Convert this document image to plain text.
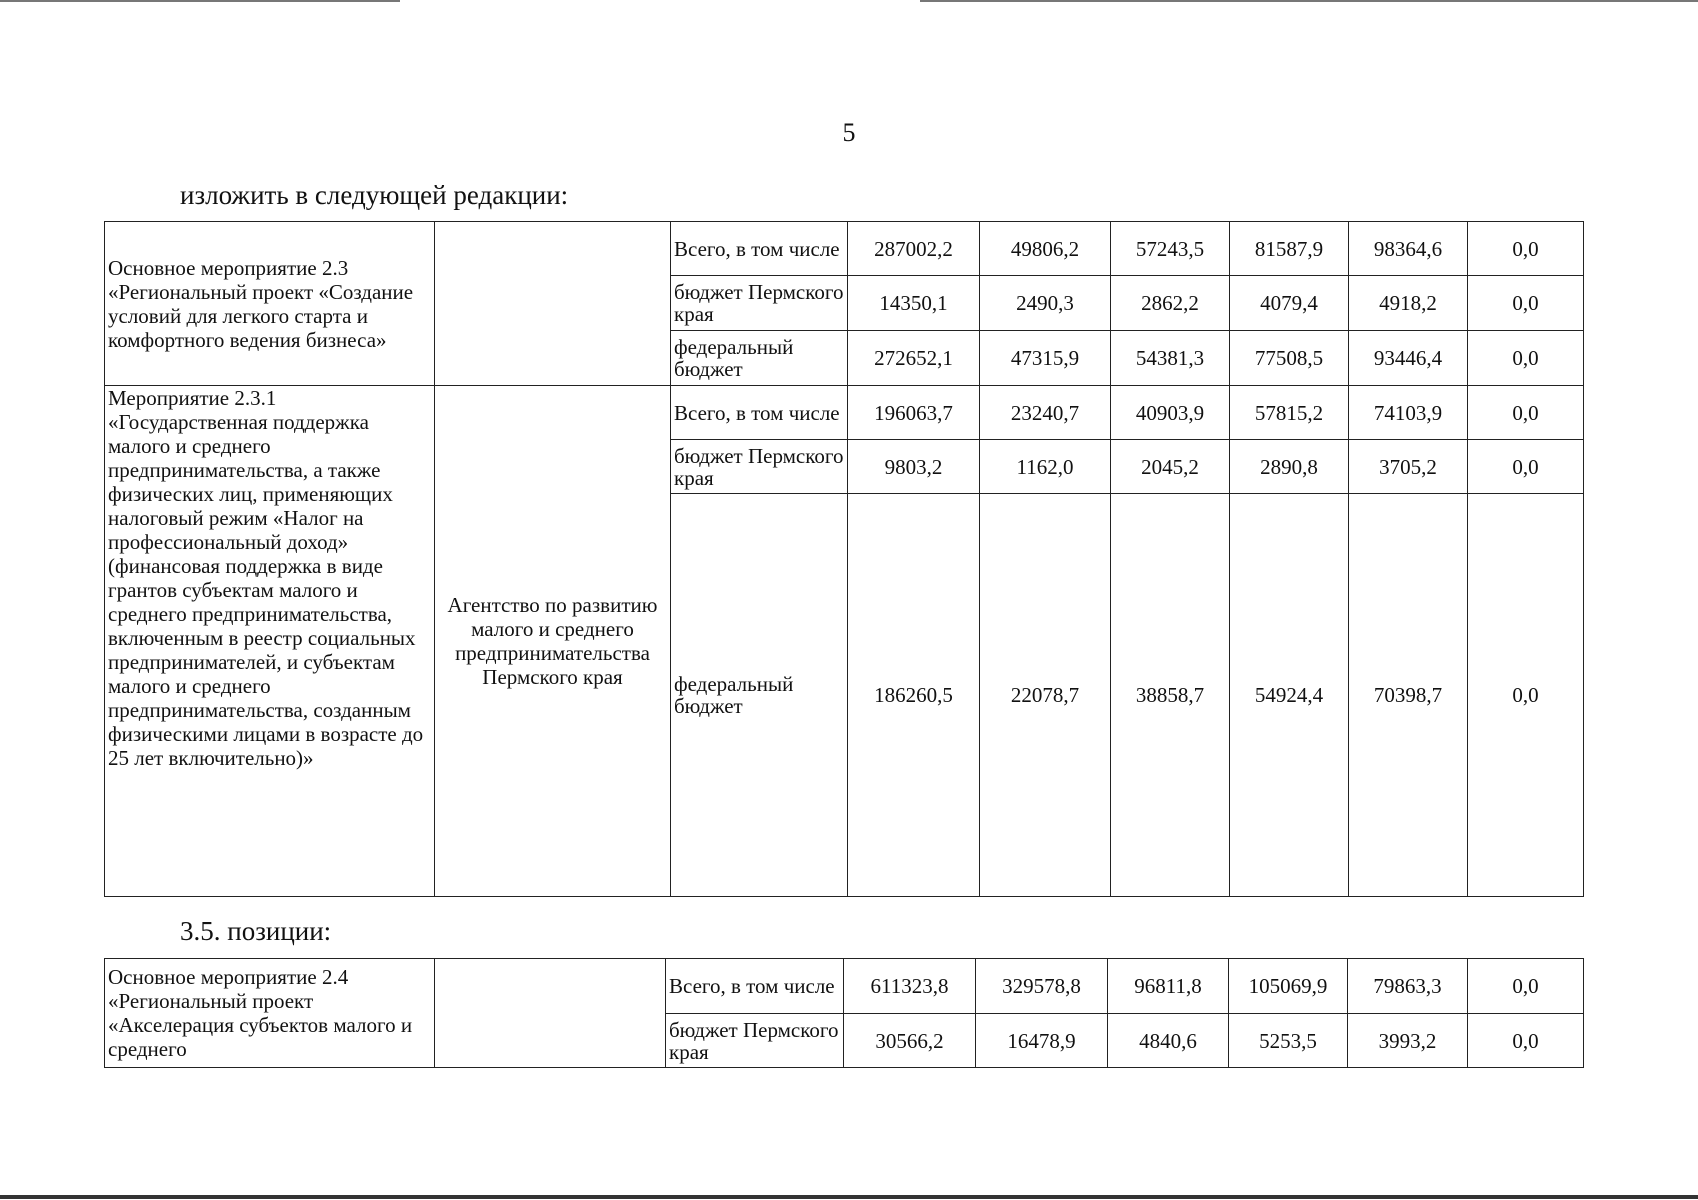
5
изложить в следующей редакции:
Основное мероприятие 2.3 «Региональный проект «Создание условий для легкого старта и комфортного ведения бизнеса»		Всего, в том числе	287002,2	49806,2	57243,5	81587,9	98364,6	0,0
		бюджет Пермского края	14350,1	2490,3	2862,2	4079,4	4918,2	0,0
		федеральный бюджет	272652,1	47315,9	54381,3	77508,5	93446,4	0,0
Мероприятие 2.3.1 «Государственная поддержка малого и среднего предпринимательства, а также физических лиц, применяющих налоговый режим «Налог на профессиональный доход» (финансовая поддержка в виде грантов субъектам малого и среднего предпринимательства, включенным в реестр социальных предпринимателей, и субъектам малого и среднего предпринимательства, созданным физическими лицами в возрасте до 25 лет включительно)»	Агентство по развитию малого и среднего предпринимательства Пермского края	Всего, в том числе	196063,7	23240,7	40903,9	57815,2	74103,9	0,0
		бюджет Пермского края	9803,2	1162,0	2045,2	2890,8	3705,2	0,0
		федеральный бюджет	186260,5	22078,7	38858,7	54924,4	70398,7	0,0
3.5. позиции:
Основное мероприятие 2.4 «Региональный проект «Акселерация субъектов малого и среднего		Всего, в том числе	611323,8	329578,8	96811,8	105069,9	79863,3	0,0
		бюджет Пермского края	30566,2	16478,9	4840,6	5253,5	3993,2	0,0
